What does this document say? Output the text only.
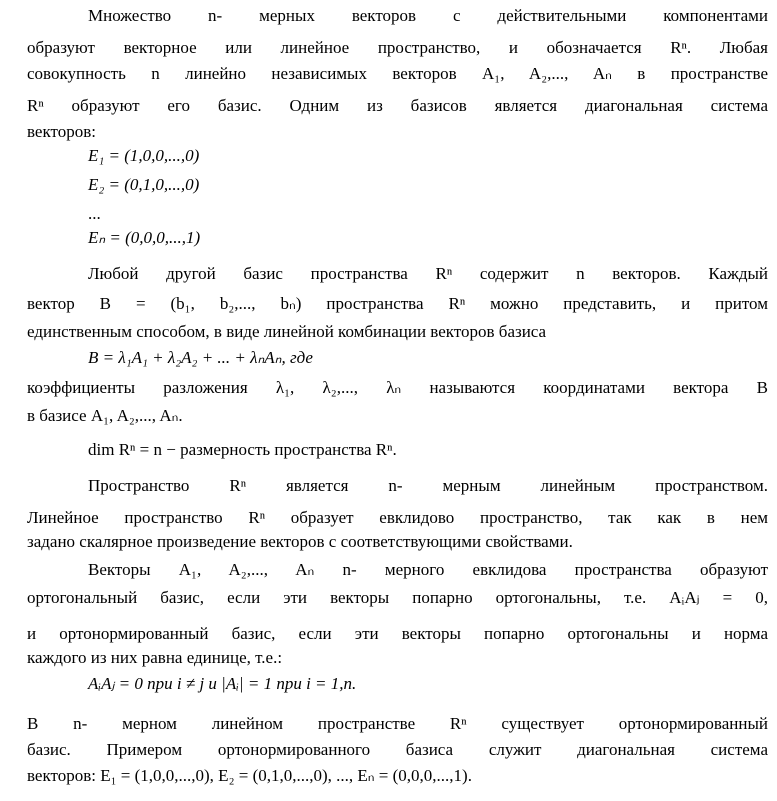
Множество n- мерных векторов с действительными компонентами
образуют векторное или линейное пространство, и обозначается Rⁿ. Любая
совокупность n линейно независимых векторов A₁, A₂,..., Aₙ в пространстве
Rⁿ образуют его базис. Одним из базисов является диагональная система
векторов:
E₁ = (1,0,0,...,0)
E₂ = (0,1,0,...,0)
...
Eₙ = (0,0,0,...,1)
Любой другой базис пространства Rⁿ содержит n векторов. Каждый
вектор B = (b₁, b₂,..., bₙ) пространства Rⁿ можно представить, и притом
единственным способом, в виде линейной комбинации векторов базиса
B = λ₁A₁ + λ₂A₂ + ... + λₙAₙ, где
коэффициенты разложения λ₁, λ₂,..., λₙ называются координатами вектора B
в базисе A₁, A₂,..., Aₙ.
dim Rⁿ = n − размерность пространства Rⁿ.
Пространство Rⁿ является n- мерным линейным пространством.
Линейное пространство Rⁿ образует евклидово пространство, так как в нем
задано скалярное произведение векторов с соответствующими свойствами.
Векторы A₁, A₂,..., Aₙ n- мерного евклидова пространства образуют
ортогональный базис, если эти векторы попарно ортогональны, т.е. AᵢAⱼ = 0,
и ортонормированный базис, если эти векторы попарно ортогональны и норма
каждого из них равна единице, т.е.:
AᵢAⱼ = 0 при i ≠ j и |Aᵢ| = 1 при i = 1,n.
В n- мерном линейном пространстве Rⁿ существует ортонормированный
базис. Примером ортонормированного базиса служит диагональная система
векторов: E₁ = (1,0,0,...,0), E₂ = (0,1,0,...,0), ..., Eₙ = (0,0,0,...,1).
